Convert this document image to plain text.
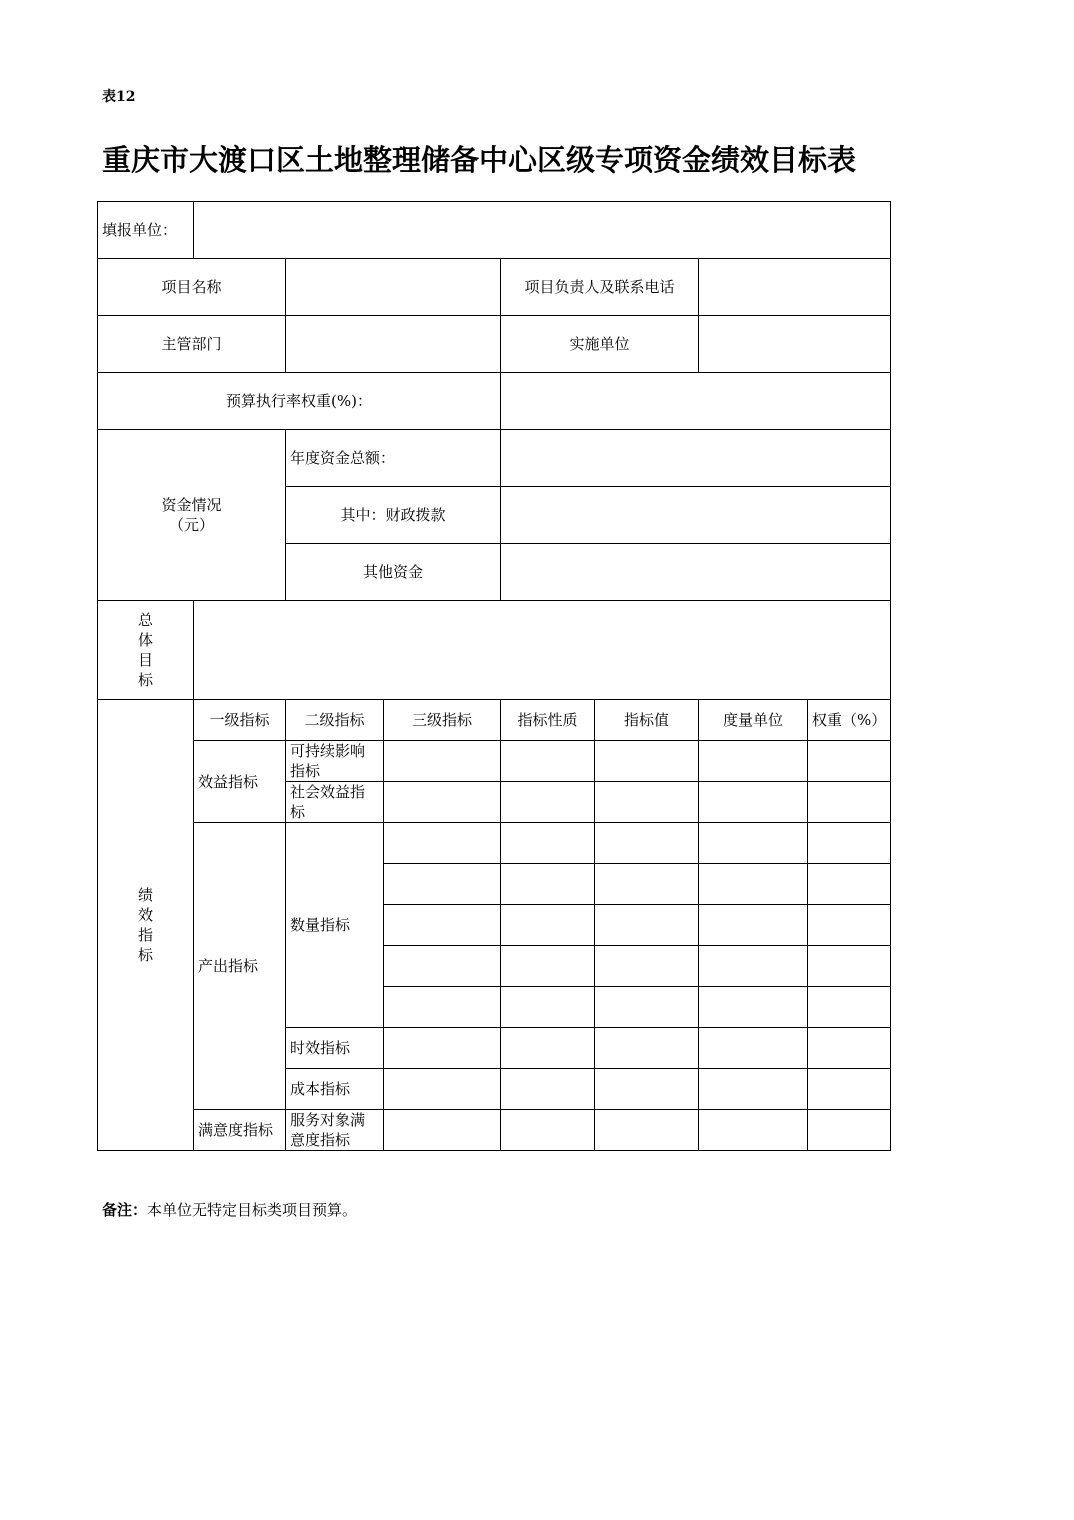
表12
重庆市大渡口区土地整理储备中心区级专项资金绩效目标表
填报单位：							
项目名称				项目负责人及联系电话			
主管部门				实施单位			
预算执行率权重(%)：							

资金情况
（元）		年度资金总额：					
		其中：财政拨款					
		其他资金					

总
体
目
标							

绩
效
指
标	一级指标	二级指标	三级指标	指标性质	指标值	度量单位	权重（%）
	效益指标	可持续影响指标					
		社会效益指标					
	产出指标	数量指标					

		时效指标					
		成本指标					
	满意度指标	服务对象满意度指标					
备注：本单位无特定目标类项目预算。
